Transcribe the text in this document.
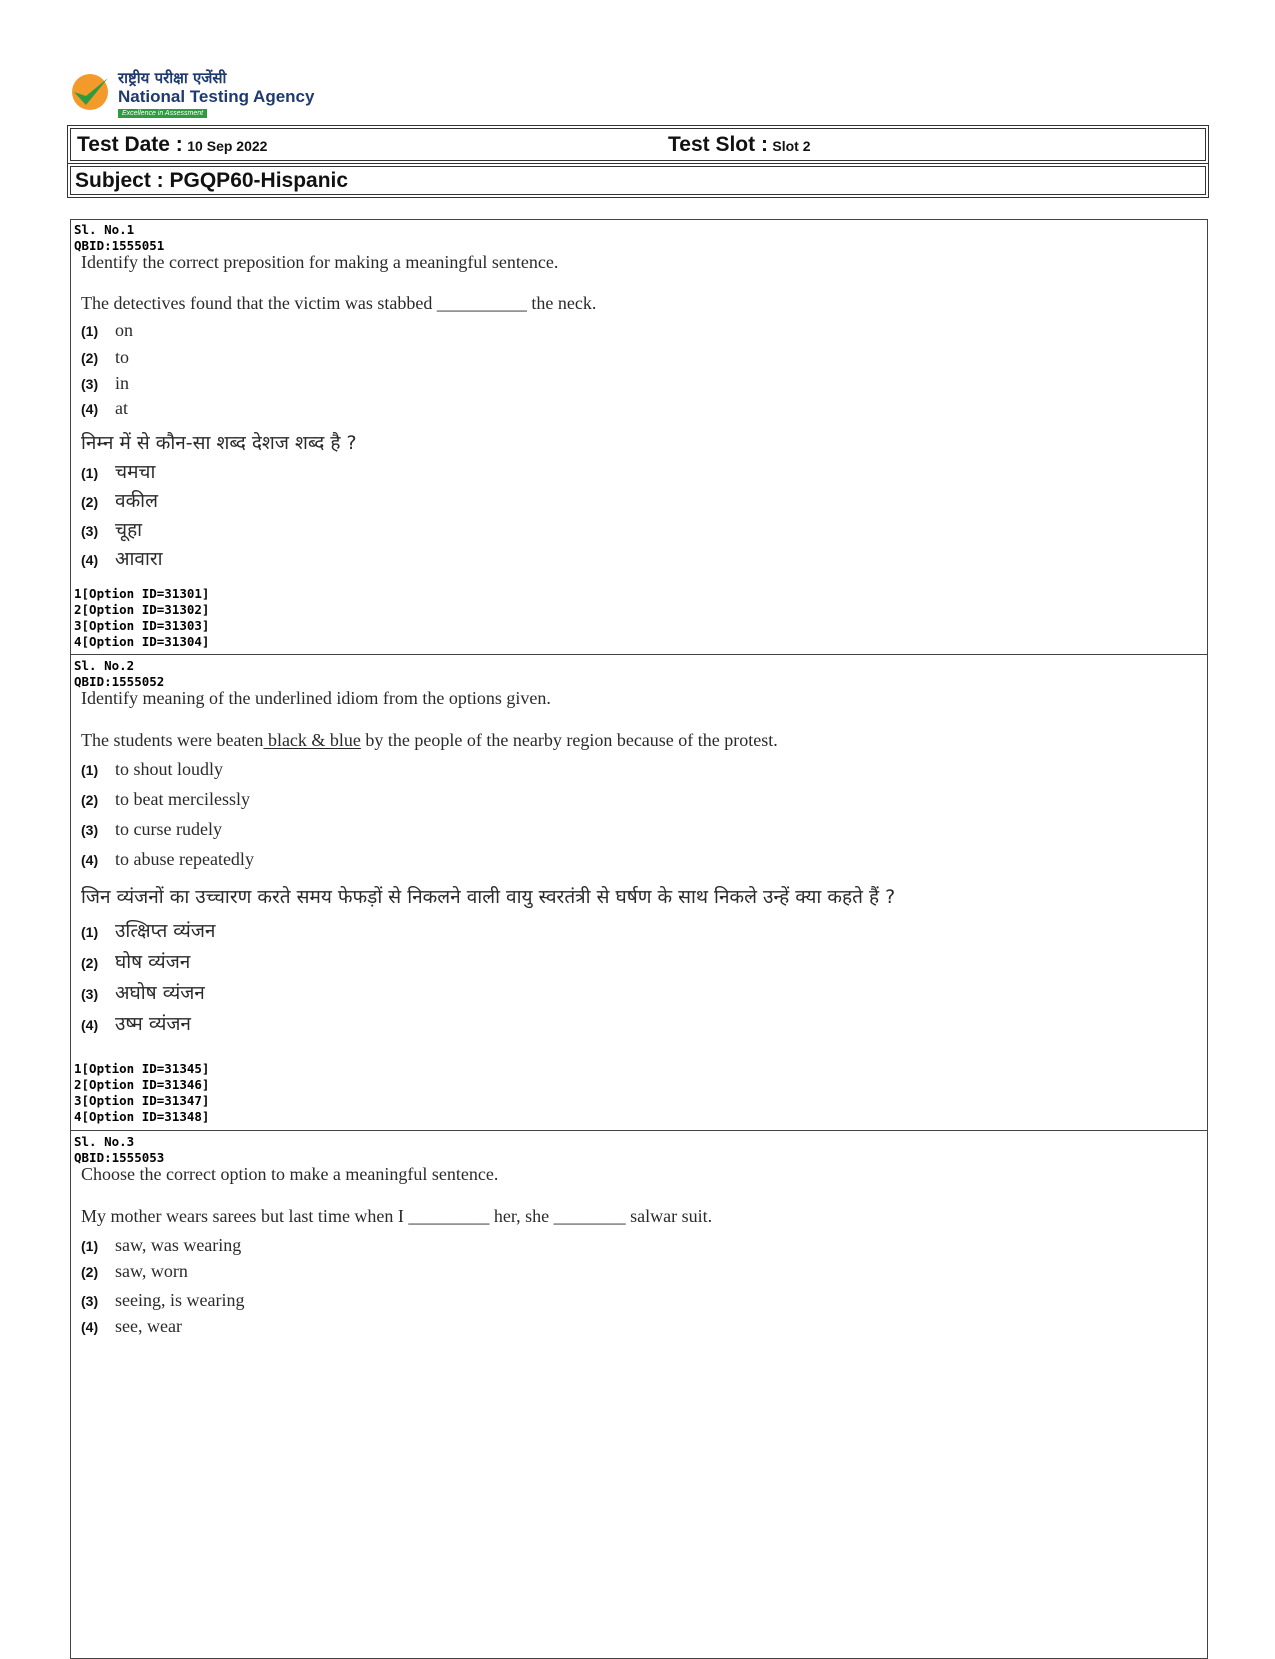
राष्ट्रीय परीक्षा एजेंसी
National Testing Agency
Excellence in Assessment
Test Date : 10 Sep 2022	Test Slot : Slot 2
Subject : PGQP60-Hispanic
Sl. No.1
QBID:1555051
Identify the correct preposition for making a meaningful sentence.
The detectives found that the victim was stabbed __________ the neck.
(1) on
(2) to
(3) in
(4) at
निम्न में से कौन-सा शब्द देशज शब्द है ?
(1) चमचा
(2) वकील
(3) चूहा
(4) आवारा
1[Option ID=31301]
2[Option ID=31302]
3[Option ID=31303]
4[Option ID=31304]
Sl. No.2
QBID:1555052
Identify meaning of the underlined idiom from the options given.
The students were beaten black & blue by the people of the nearby region because of the protest.
(1) to shout loudly
(2) to beat mercilessly
(3) to curse rudely
(4) to abuse repeatedly
जिन व्यंजनों का उच्चारण करते समय फेफड़ों से निकलने वाली वायु स्वरतंत्री से घर्षण के साथ निकले उन्हें क्या कहते हैं ?
(1) उत्क्षिप्त व्यंजन
(2) घोष व्यंजन
(3) अघोष व्यंजन
(4) उष्म व्यंजन
1[Option ID=31345]
2[Option ID=31346]
3[Option ID=31347]
4[Option ID=31348]
Sl. No.3
QBID:1555053
Choose the correct option to make a meaningful sentence.
My mother wears sarees but last time when I _________ her, she ________ salwar suit.
(1) saw, was wearing
(2) saw, worn
(3) seeing, is wearing
(4) see, wear
